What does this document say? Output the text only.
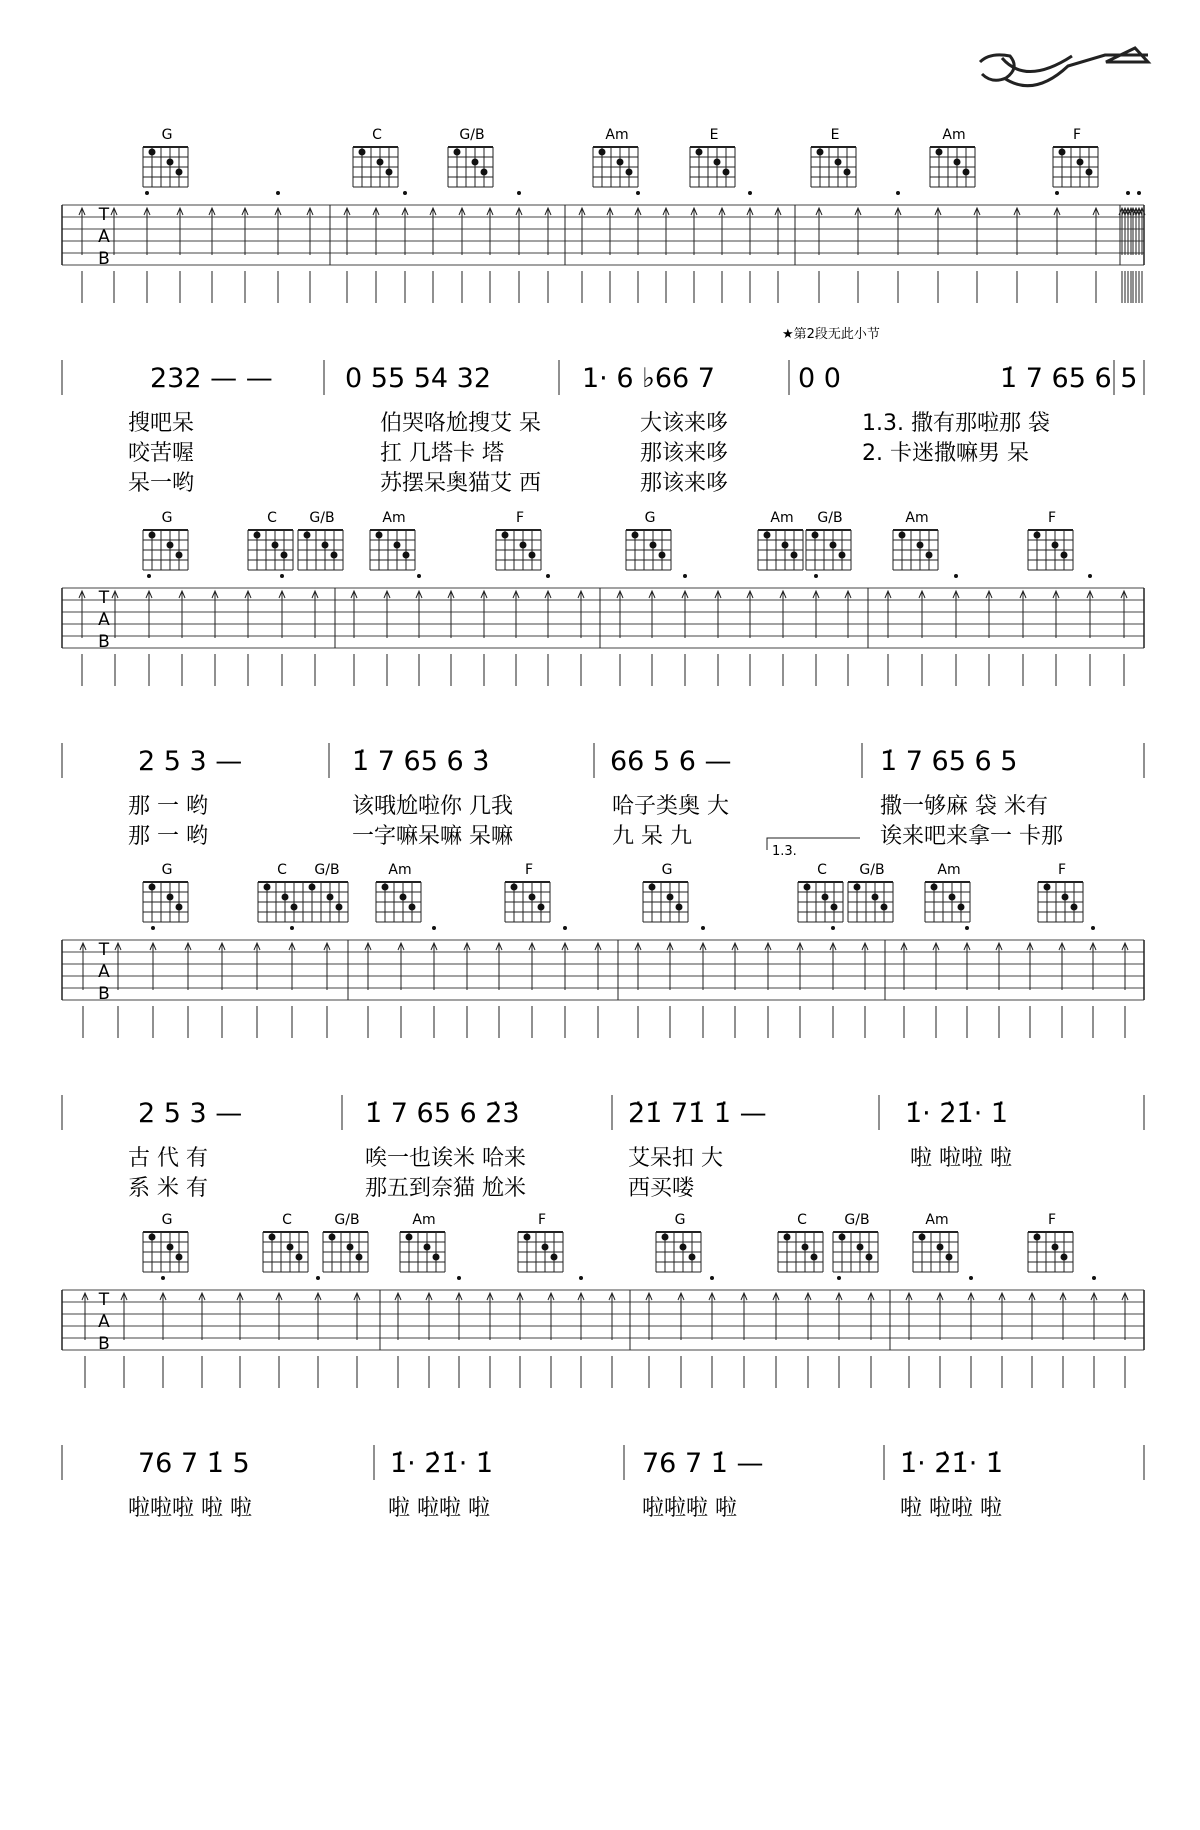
G	C	G/B	Am	E	E	Am	F
T
A
B
232 — —	0 55 54 32	1· 6 ♭66 7	0 0	1̇ 7 65 6 5
搜吧呆	伯哭咯尬搜艾 呆	大该来哆	1.3. 撒有那啦那 袋
咬苦喔	扛 几塔卡 塔	那该来哆	2. 卡迷撒嘛男 呆
呆一哟	苏摆呆奥猫艾 西	那该来哆
G	C G/B	Am	F	G	Am G/B	Am	F
T
A
B
2 5 3 —	1̇ 7 65 6 3̇	66 5 6 —	1̇ 7 65 6 5
那 一 哟	该哦尬啦你 几我	哈子类奥 大	撒一够麻 袋 米有
那 一 哟	一字嘛呆嘛 呆嘛	九 呆 九	诶来吧来拿一 卡那
G	C G/B	Am	F	G	C G/B	Am	F
T
A
B
2 5 3 —	1̇ 7 65 6 2̇3̇	2̇1̇ 71̇ 1̇ —	1̇· 2̇1̇· 1̇
古 代 有	唉一也诶米 哈来	艾呆扣 大	啦 啦啦 啦
系 米 有	那五到奈猫 尬米	西买喽
G	C	G/B	Am	F	G	C	G/B	Am	F
T
A
B
76 7 1̇ 5	1̇· 2̇1̇· 1̇	76 7 1̇ —	1̇· 2̇1̇· 1̇
啦啦啦 啦 啦	啦 啦啦 啦	啦啦啦 啦	啦 啦啦 啦
1.3.
★第2段无此小节
